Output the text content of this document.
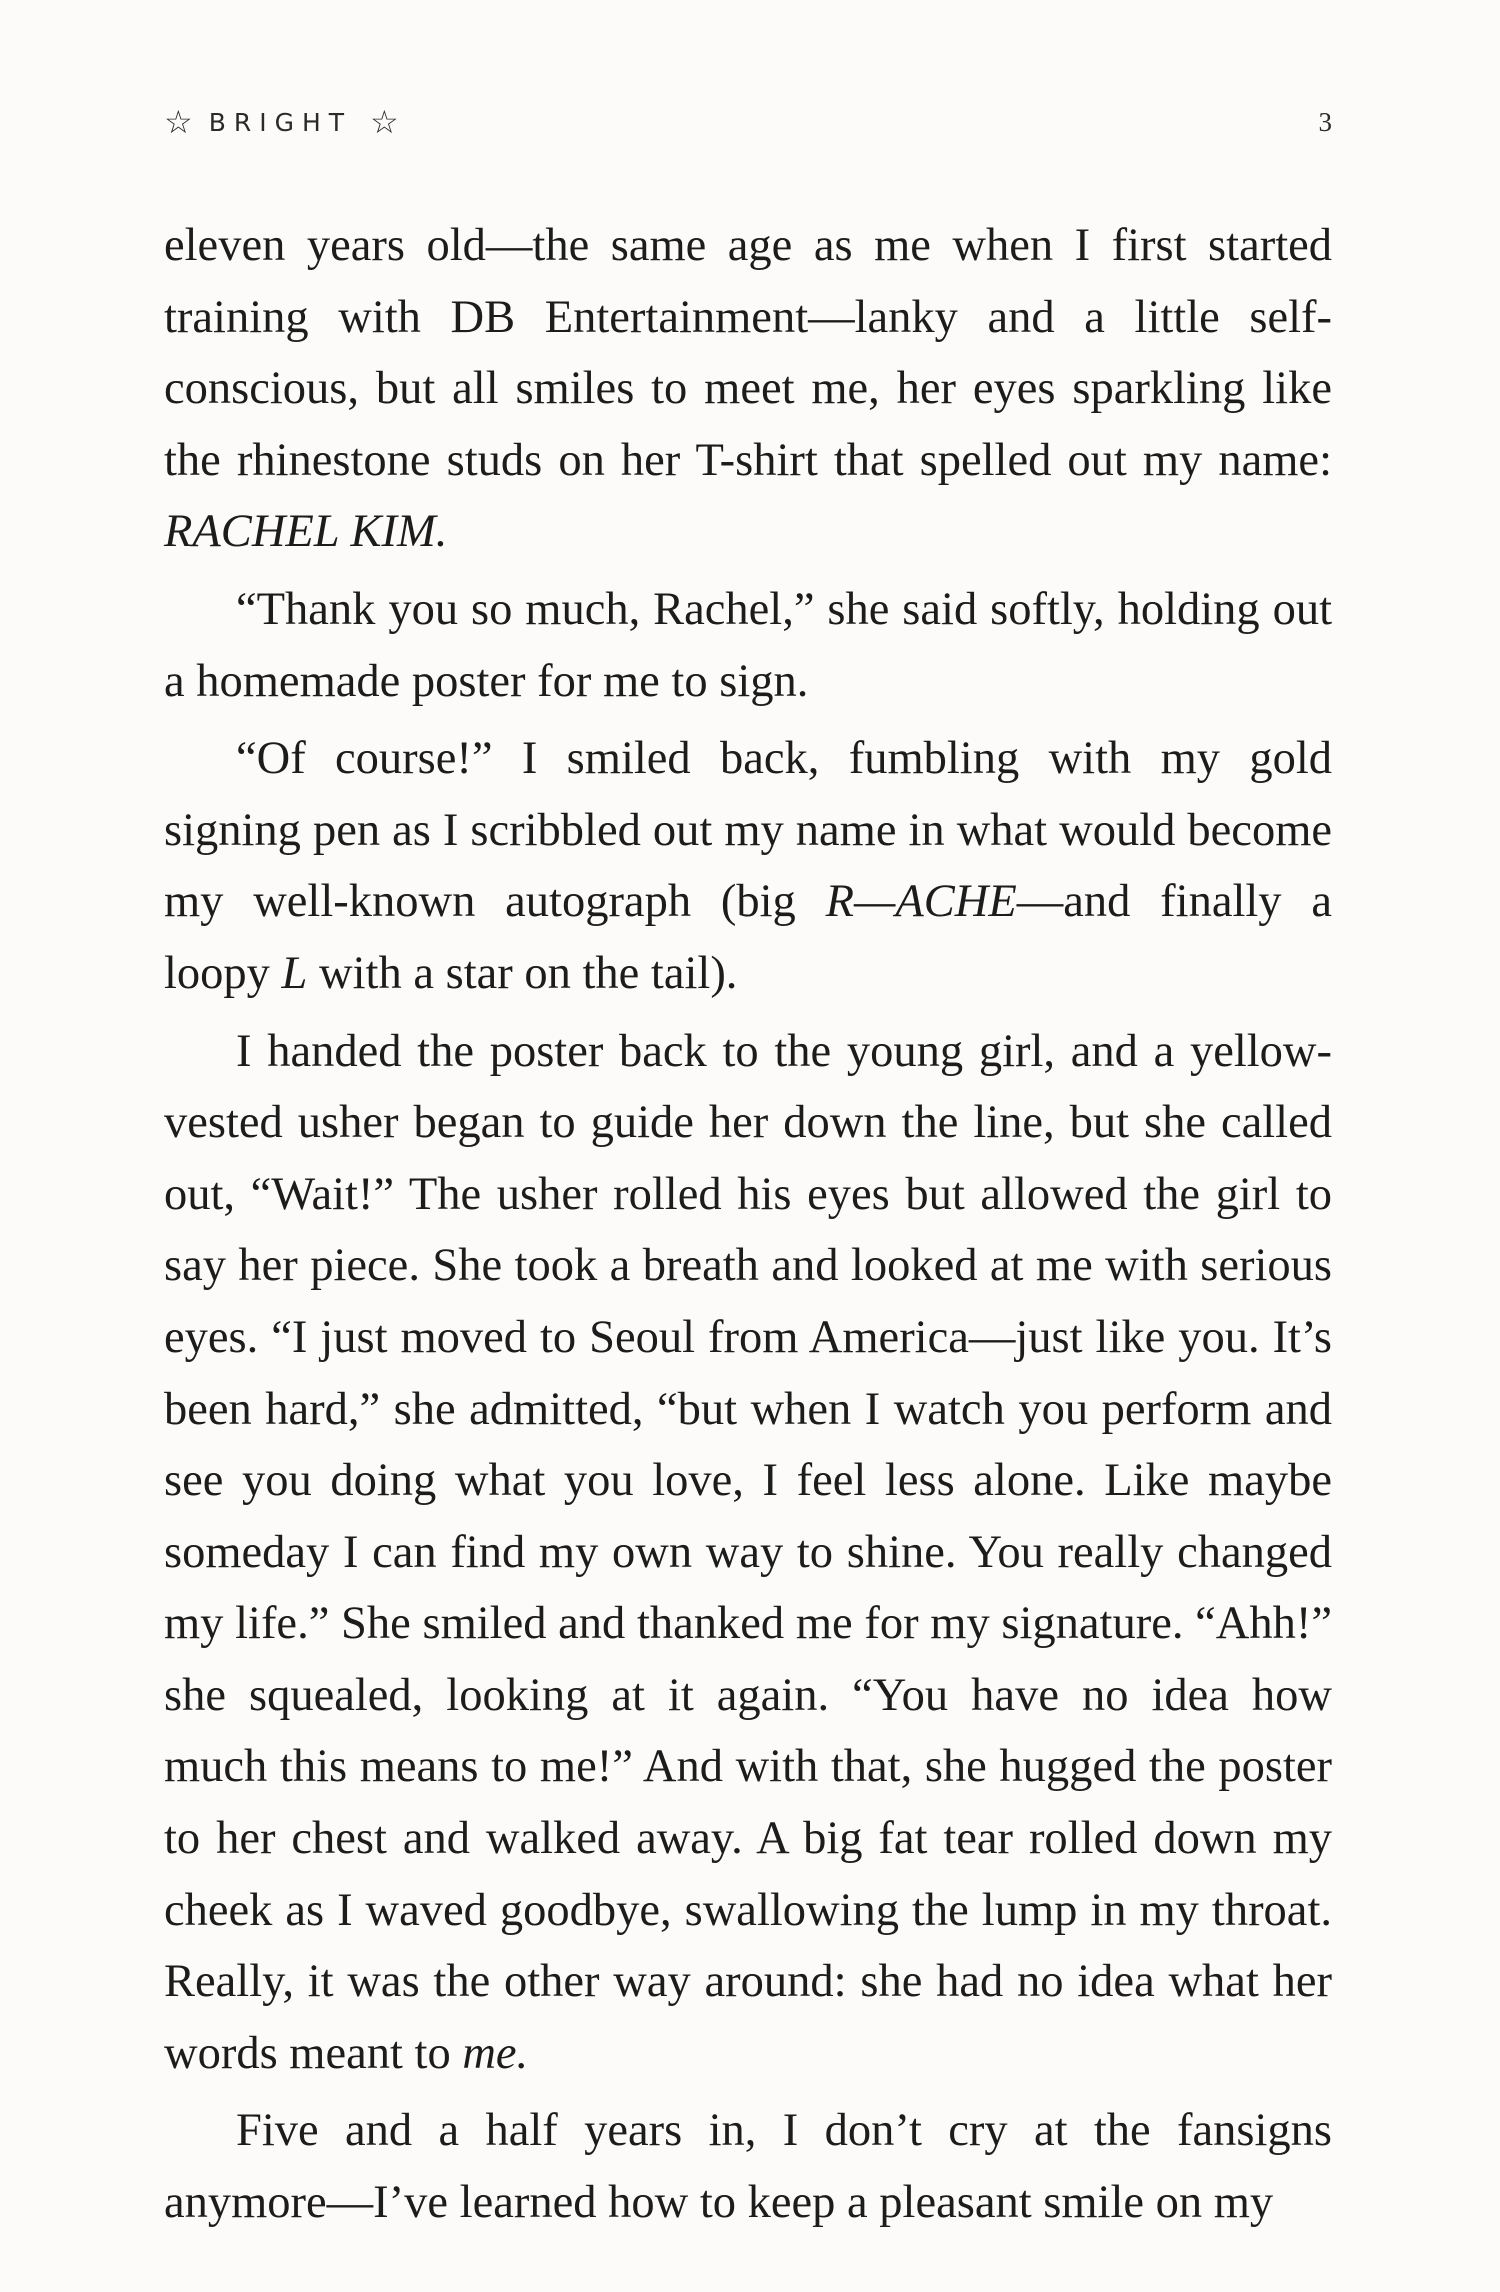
☆ BRIGHT ☆	3

eleven years old—the same age as me when I first started training with DB Entertainment—lanky and a little self-conscious, but all smiles to meet me, her eyes sparkling like the rhinestone studs on her T-shirt that spelled out my name: RACHEL KIM.

“Thank you so much, Rachel,” she said softly, holding out a homemade poster for me to sign.

“Of course!” I smiled back, fumbling with my gold signing pen as I scribbled out my name in what would become my well-known autograph (big R—ACHE—and finally a loopy L with a star on the tail).

I handed the poster back to the young girl, and a yellow-vested usher began to guide her down the line, but she called out, “Wait!” The usher rolled his eyes but allowed the girl to say her piece. She took a breath and looked at me with serious eyes. “I just moved to Seoul from America—just like you. It’s been hard,” she admitted, “but when I watch you perform and see you doing what you love, I feel less alone. Like maybe someday I can find my own way to shine. You really changed my life.” She smiled and thanked me for my signature. “Ahh!” she squealed, looking at it again. “You have no idea how much this means to me!” And with that, she hugged the poster to her chest and walked away. A big fat tear rolled down my cheek as I waved goodbye, swallowing the lump in my throat. Really, it was the other way around: she had no idea what her words meant to me.

Five and a half years in, I don’t cry at the fansigns anymore—I’ve learned how to keep a pleasant smile on my
